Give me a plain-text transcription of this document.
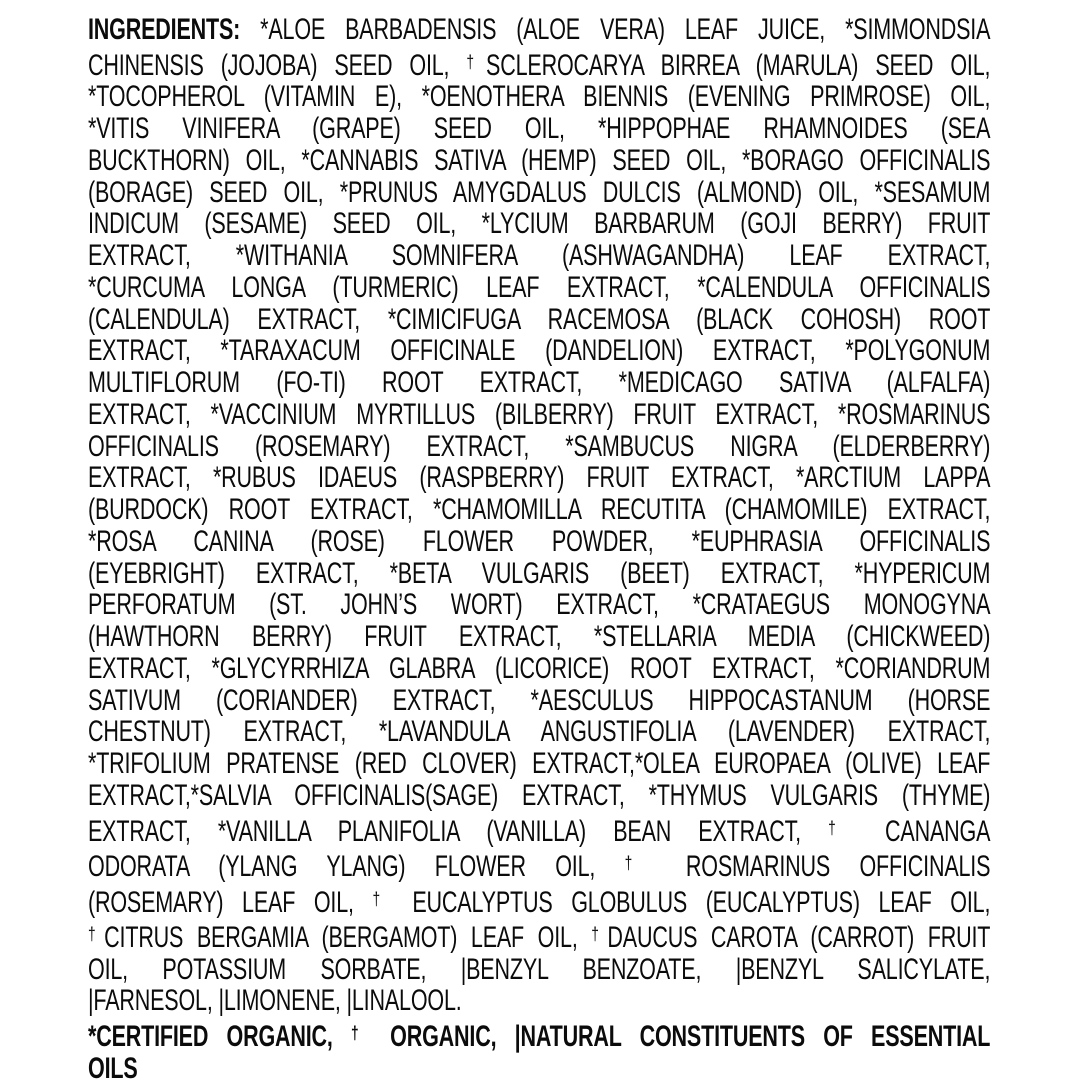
INGREDIENTS: *ALOE BARBADENSIS (ALOE VERA) LEAF JUICE, *SIMMONDSIA
CHINENSIS (JOJOBA) SEED OIL, †SCLEROCARYA BIRREA (MARULA) SEED OIL,
*TOCOPHEROL (VITAMIN E), *OENOTHERA BIENNIS (EVENING PRIMROSE) OIL,
*VITIS VINIFERA (GRAPE) SEED OIL, *HIPPOPHAE RHAMNOIDES (SEA
BUCKTHORN) OIL, *CANNABIS SATIVA (HEMP) SEED OIL, *BORAGO OFFICINALIS
(BORAGE) SEED OIL, *PRUNUS AMYGDALUS DULCIS (ALMOND) OIL, *SESAMUM
INDICUM (SESAME) SEED OIL, *LYCIUM BARBARUM (GOJI BERRY) FRUIT
EXTRACT, *WITHANIA SOMNIFERA (ASHWAGANDHA) LEAF EXTRACT,
*CURCUMA LONGA (TURMERIC) LEAF EXTRACT, *CALENDULA OFFICINALIS
(CALENDULA) EXTRACT, *CIMICIFUGA RACEMOSA (BLACK COHOSH) ROOT
EXTRACT, *TARAXACUM OFFICINALE (DANDELION) EXTRACT, *POLYGONUM
MULTIFLORUM (FO-TI) ROOT EXTRACT, *MEDICAGO SATIVA (ALFALFA)
EXTRACT, *VACCINIUM MYRTILLUS (BILBERRY) FRUIT EXTRACT, *ROSMARINUS
OFFICINALIS (ROSEMARY) EXTRACT, *SAMBUCUS NIGRA (ELDERBERRY)
EXTRACT, *RUBUS IDAEUS (RASPBERRY) FRUIT EXTRACT, *ARCTIUM LAPPA
(BURDOCK) ROOT EXTRACT, *CHAMOMILLA RECUTITA (CHAMOMILE) EXTRACT,
*ROSA CANINA (ROSE) FLOWER POWDER, *EUPHRASIA OFFICINALIS
(EYEBRIGHT) EXTRACT, *BETA VULGARIS (BEET) EXTRACT, *HYPERICUM
PERFORATUM (ST. JOHN’S WORT) EXTRACT, *CRATAEGUS MONOGYNA
(HAWTHORN BERRY) FRUIT EXTRACT, *STELLARIA MEDIA (CHICKWEED)
EXTRACT, *GLYCYRRHIZA GLABRA (LICORICE) ROOT EXTRACT, *CORIANDRUM
SATIVUM (CORIANDER) EXTRACT, *AESCULUS HIPPOCASTANUM (HORSE
CHESTNUT) EXTRACT, *LAVANDULA ANGUSTIFOLIA (LAVENDER) EXTRACT,
*TRIFOLIUM PRATENSE (RED CLOVER) EXTRACT,*OLEA EUROPAEA (OLIVE) LEAF
EXTRACT,*SALVIA OFFICINALIS(SAGE) EXTRACT, *THYMUS VULGARIS (THYME)
EXTRACT, *VANILLA PLANIFOLIA (VANILLA) BEAN EXTRACT, † CANANGA
ODORATA (YLANG YLANG) FLOWER OIL, † ROSMARINUS OFFICINALIS
(ROSEMARY) LEAF OIL, † EUCALYPTUS GLOBULUS (EUCALYPTUS) LEAF OIL,
†CITRUS BERGAMIA (BERGAMOT) LEAF OIL, †DAUCUS CAROTA (CARROT) FRUIT
OIL, POTASSIUM SORBATE, |BENZYL BENZOATE, |BENZYL SALICYLATE,
|FARNESOL, |LIMONENE, |LINALOOL.
*CERTIFIED ORGANIC, † ORGANIC, |NATURAL CONSTITUENTS OF ESSENTIAL
OILS
